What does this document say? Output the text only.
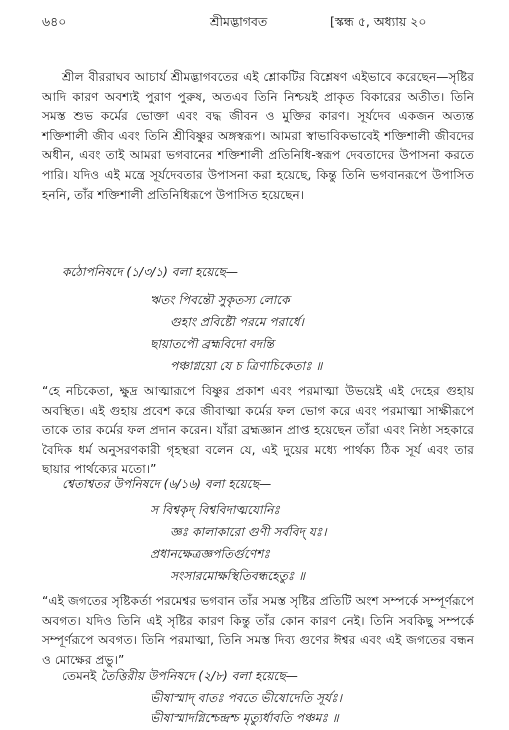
৬৪০	শ্রীমদ্ভাগবত	[স্কন্ধ ৫, অধ্যায় ২০
শ্রীল বীররাঘব আচার্য শ্রীমদ্ভাগবতের এই শ্লোকটির বিশ্লেষণ এইভাবে করেছেন—সৃষ্টির আদি কারণ অবশ্যই পুরাণ পুরুষ, অতএব তিনি নিশ্চয়ই প্রাকৃত বিকারের অতীত। তিনি সমস্ত শুভ কর্মের ভোক্তা এবং বদ্ধ জীবন ও মুক্তির কারণ। সূর্যদেব একজন অত্যন্ত শক্তিশালী জীব এবং তিনি শ্রীবিষ্ণুর অঙ্গস্বরূপ। আমরা স্বাভাবিকভাবেই শক্তিশালী জীবদের অধীন, এবং তাই আমরা ভগবানের শক্তিশালী প্রতিনিধি-স্বরূপ দেবতাদের উপাসনা করতে পারি। যদিও এই মন্ত্রে সূর্যদেবতার উপাসনা করা হয়েছে, কিন্তু তিনি ভগবানরূপে উপাসিত হননি, তাঁর শক্তিশালী প্রতিনিধিরূপে উপাসিত হয়েছেন।
কঠোপনিষদে (১/৩/১) বলা হয়েছে—
ঋতং পিবন্তৌ সুকৃতস্য লোকে
গুহাং প্রবিষ্টৌ পরমে পরার্ধে।
ছায়াতপৌ ব্রহ্মবিদো বদন্তি
পঞ্চাগ্নয়ো যে চ ত্রিণাচিকেতাঃ ॥
“হে নচিকেতা, ক্ষুদ্র আত্মারূপে বিষ্ণুর প্রকাশ এবং পরমাত্মা উভয়েই এই দেহের গুহায় অবস্থিত। এই গুহায় প্রবেশ করে জীবাত্মা কর্মের ফল ভোগ করে এবং পরমাত্মা সাক্ষীরূপে তাকে তার কর্মের ফল প্রদান করেন। যাঁরা ব্রহ্মজ্ঞান প্রাপ্ত হয়েছেন তাঁরা এবং নিষ্ঠা সহকারে বৈদিক ধর্ম অনুসরণকারী গৃহস্থরা বলেন যে, এই দুয়ের মধ্যে পার্থক্য ঠিক সূর্য এবং তার ছায়ার পার্থক্যের মতো।”
শ্বেতাশ্বতর উপনিষদে (৬/১৬) বলা হয়েছে—
স বিশ্বকৃদ্ বিশ্ববিদাত্মযোনিঃ
জ্ঞঃ কালাকারো গুণী সর্ববিদ্ যঃ।
প্রধানক্ষেত্রজ্ঞপতির্গুণেশঃ
সংসারমোক্ষস্থিতিবন্ধহেতুঃ ॥
“এই জগতের সৃষ্টিকর্তা পরমেশ্বর ভগবান তাঁর সমস্ত সৃষ্টির প্রতিটি অংশ সম্পর্কে সম্পূর্ণরূপে অবগত। যদিও তিনি এই সৃষ্টির কারণ কিন্তু তাঁর কোন কারণ নেই। তিনি সবকিছু সম্পর্কে সম্পূর্ণরূপে অবগত। তিনি পরমাত্মা, তিনি সমস্ত দিব্য গুণের ঈশ্বর এবং এই জগতের বন্ধন ও মোক্ষের প্রভু।”
তেমনই তৈত্তিরীয় উপনিষদে (২/৮) বলা হয়েছে—
ভীষাস্মাদ্ বাতঃ পবতে ভীষোদেতি সূর্যঃ।
ভীষাস্মাদগ্নিশ্চেন্দ্রশ্চ মৃত্যুর্ধাবতি পঞ্চমঃ ॥
